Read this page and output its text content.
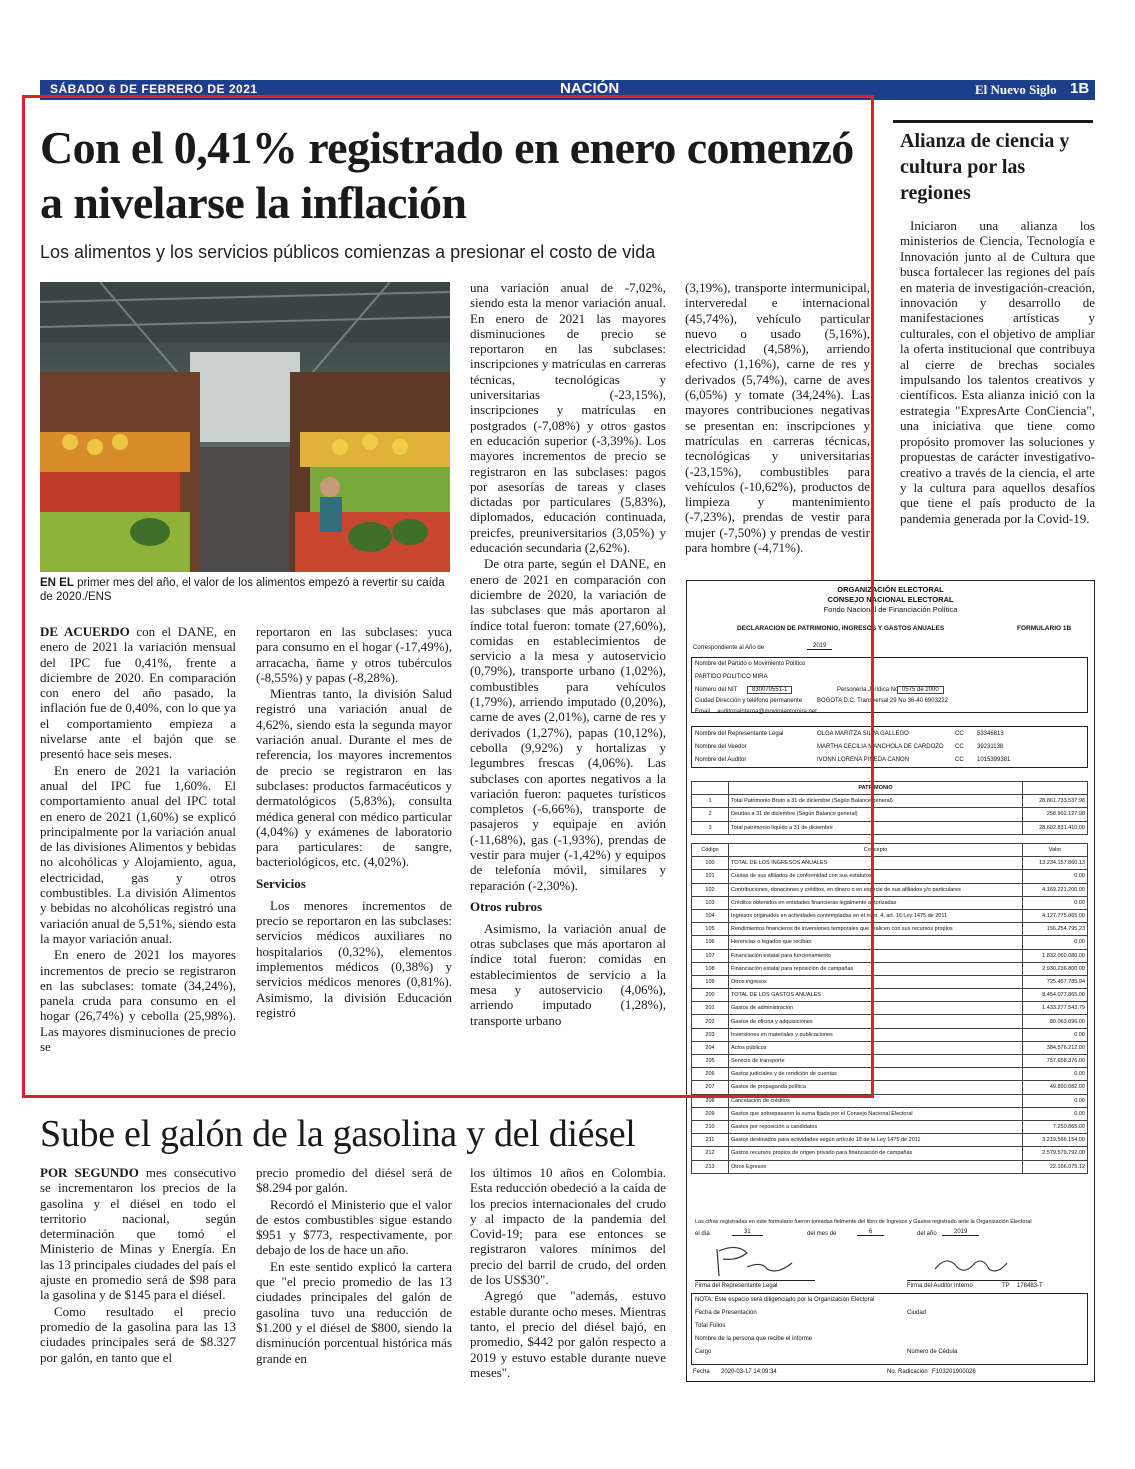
SÁBADO 6 DE FEBRERO DE 2021	NACIÓN	El Nuevo Siglo 1B
Con el 0,41% registrado en enero comenzó a nivelarse la inflación

Los alimentos y los servicios públicos comienzas a presionar el costo de vida

EN EL primer mes del año, el valor de los alimentos empezó a revertir su caída de 2020./ENS

DE ACUERDO con el DANE, en enero de 2021 la variación mensual del IPC fue 0,41%, frente a diciembre de 2020. En comparación con enero del año pasado, la inflación fue de 0,40%, con lo que ya el comportamiento empieza a nivelarse ante el bajón que se presentó hace seis meses.

En enero de 2021 la variación anual del IPC fue 1,60%. El comportamiento anual del IPC total en enero de 2021 (1,60%) se explicó principalmente por la variación anual de las divisiones Alimentos y bebidas no alcohólicas y Alojamiento, agua, electricidad, gas y otros combustibles. La división Alimentos y bebidas no alcohólicas registró una variación anual de 5,51%, siendo esta la mayor variación anual.

En enero de 2021 los mayores incrementos de precio se registraron en las subclases: tomate (34,24%), panela cruda para consumo en el hogar (26,74%) y cebolla (25,98%). Las mayores disminuciones de precio se

reportaron en las subclases: yuca para consumo en el hogar (-17,49%), arracacha, ñame y otros tubérculos (-8,55%) y papas (-8,28%).

Mientras tanto, la división Salud registró una variación anual de 4,62%, siendo esta la segunda mayor variación anual. Durante el mes de referencia, los mayores incrementos de precio se registraron en las subclases: productos farmacéuticos y dermatológicos (5,83%), consulta médica general con médico particular (4,04%) y exámenes de laboratorio para particulares: de sangre, bacteriológicos, etc. (4,02%).

Servicios

Los menores incrementos de precio se reportaron en las subclases: servicios médicos auxiliares no hospitalarios (0,32%), elementos implementos médicos (0,38%) y servicios médicos menores (0,81%). Asimismo, la división Educación registró

una variación anual de -7,02%, siendo esta la menor variación anual. En enero de 2021 las mayores disminuciones de precio se reportaron en las subclases: inscripciones y matrículas en carreras técnicas, tecnológicas y universitarias (-23,15%), inscripciones y matrículas en postgrados (-7,08%) y otros gastos en educación superior (-3,39%). Los mayores incrementos de precio se registraron en las subclases: pagos por asesorías de tareas y clases dictadas por particulares (5,83%), diplomados, educación continuada, preicfes, preuniversitarios (3,05%) y educación secundaria (2,62%).

De otra parte, según el DANE, en enero de 2021 en comparación con diciembre de 2020, la variación de las subclases que más aportaron al índice total fueron: tomate (27,60%), comidas en establecimientos de servicio a la mesa y autoservicio (0,79%), transporte urbano (1,02%), combustibles para vehículos (1,79%), arriendo imputado (0,20%), carne de aves (2,01%), carne de res y derivados (1,27%), papas (10,12%), cebolla (9,92%) y hortalizas y legumbres frescas (4,06%). Las subclases con aportes negativos a la variación fueron: paquetes turísticos completos (-6,66%), transporte de pasajeros y equipaje en avión (-11,68%), gas (-1,93%), prendas de vestir para mujer (-1,42%) y equipos de telefonía móvil, similares y reparación (-2,30%).

Otros rubros

Asimismo, la variación anual de otras subclases que más aportaron al índice total fueron: comidas en establecimientos de servicio a la mesa y autoservicio (4,06%), arriendo imputado (1,28%), transporte urbano

(3,19%), transporte intermunicipal, interveredal e internacional (45,74%), vehículo particular nuevo o usado (5,16%), electricidad (4,58%), arriendo efectivo (1,16%), carne de res y derivados (5,74%), carne de aves (6,05%) y tomate (34,24%). Las mayores contribuciones negativas se presentan en: inscripciones y matrículas en carreras técnicas, tecnológicas y universitarias (-23,15%), combustibles para vehículos (-10,62%), productos de limpieza y mantenimiento (-7,23%), prendas de vestir para mujer (-7,50%) y prendas de vestir para hombre (-4,71%).

Alianza de ciencia y cultura por las regiones

Iniciaron una alianza los ministerios de Ciencia, Tecnología e Innovación junto al de Cultura que busca fortalecer las regiones del país en materia de investigación-creación, innovación y desarrollo de manifestaciones artísticas y culturales, con el objetivo de ampliar la oferta institucional que contribuya al cierre de brechas sociales impulsando los talentos creativos y científicos. Esta alianza inició con la estrategia "ExpresArte ConCiencia", una iniciativa que tiene como propósito promover las soluciones y propuestas de carácter investigativo- creativo a través de la ciencia, el arte y la cultura para aquellos desafíos que tiene el país producto de la pandemia generada por la Covid-19.

ORGANIZACIÓN ELECTORAL
CONSEJO NACIONAL ELECTORAL
Fondo Nacional de Financiación Política
DECLARACION DE PATRIMONIO, INGRESOS Y GASTOS ANUALES	FORMULARIO 1B
Correspondiente al Año de	2019
Nombre del Partido o Movimiento Político
PARTIDO POLITICO MIRA
Número del NIT	830070551-1	Personería Jurídica No 0575 de 2000
Ciudad Dirección y teléfono permanente BOGOTA D.C. Transversal 29 No 36-40 6903222
Email auditoriainterna@movimientomira.net
Nombre del Representante Legal	OLGA MARITZA SILVA GALLEGO	CC 53346813
Nombre del Veedor	MARTHA CECILIA MANCHOLA DE CARDOZO CC 39231138
Nombre del Auditor	IVONN LORENA PINEDA CANON	CC 1015399381
	PATRIMONIO	
1	Total Patrimonio Bruto a 31 de diciembre (Según Balance general)	28.861.733.537.98
2	Deudas a 31 de diciembre (Según Balance general)	258.902.127.98
3	Total patrimonio líquido a 31 de diciembre	28.602.831.410.00
Código	Concepto	Valor
100	TOTAL DE LOS INGRESOS ANUALES	13.234.157.860.13
101	Cuotas de sus afiliados de conformidad con sus estatutos	0.00
102	Contribuciones, donaciones y créditos, en dinero o en especie de sus afiliados y/o particulares	4.169.221.200.00
103	Créditos obtenidos en entidades financieras legalmente autorizadas	0.00
104	Ingresos originados en actividades contempladas en el num. 4, art. 16 Ley 1475 de 2011	4.127.775.065.00
105	Rendimientos financieros de inversiones temporales que realicen con sus recursos propios	156.254.795.23
106	Herencias o legados que reciban	0.00
107	Financiación estatal para funcionamiento	1.832.060.080.00
108	Financiación estatal para reposición de campañas	2.930.236.800.00
109	Otros ingresos	725.457.785.94
200	TOTAL DE LOS GASTOS ANUALES	8.454.077.865.00
201	Gastos de administración	1.433.277.543.79
202	Gastos de oficina y adquisiciones	80.063.096.00
203	Inversiones en materiales y publicaciones	0.00
204	Actos públicos	384.576.212.00
205	Servicio de transporte	757.658.376.00
206	Gastos judiciales y de rendición de cuentas	0.00
207	Gastos de propaganda política	49.890.082.00
208	Cancelación de créditos	0.00
209	Gastos que sobrepasaron la suma fijada por el Consejo Nacional Electoral	0.00
210	Gastos por reposición a candidatos	7.250.865.00
211	Gastos destinados para actividades según artículo 18 de la Ley 1475 de 2011	3.219.566.154.00
212	Gastos recursos propios de origen privado para financiación de campañas	2.579.579.792.00
213	Otros Egresos	22.166.075.12
Las cifras registradas en este formulario fueron tomadas fielmente del libro de Ingresos y Gastos registrado ante la Organización Electoral
el día	31	del mes de	6	del año	2019
Firma del Representante Legal	Firma del Auditor Interno	TP 178483-T
NOTA: Este espacio será diligenciado por la Organización Electoral
Fecha de Presentación	Ciudad
Total Folios
Nombre de la persona que recibe el informe
Cargo	Número de Cédula
Fecha 2020-03-17 14:09:34	No. Radicación F103201900026
Sube el galón de la gasolina y del diésel

POR SEGUNDO mes consecutivo se incrementaron los precios de la gasolina y el diésel en todo el territorio nacional, según determinación que tomó el Ministerio de Minas y Energía. En las 13 principales ciudades del país el ajuste en promedio será de $98 para la gasolina y de $145 para el diésel.

Como resultado el precio promedio de la gasolina para las 13 ciudades principales será de $8.327 por galón, en tanto que el

precio promedio del diésel será de $8.294 por galón.

Recordó el Ministerio que el valor de estos combustibles sigue estando $951 y $773, respectivamente, por debajo de los de hace un año.

En este sentido explicó la cartera que "el precio promedio de las 13 ciudades principales del galón de gasolina tuvo una reducción de $1.200 y el diésel de $800, siendo la disminución porcentual histórica más grande en

los últimos 10 años en Colombia. Esta reducción obedeció a la caída de los precios internacionales del crudo y al impacto de la pandemia del Covid-19; para ese entonces se registraron valores mínimos del precio del barril de crudo, del orden de los US$30".

Agregó que "además, estuvo estable durante ocho meses. Mientras tanto, el precio del diésel bajó, en promedio, $442 por galón respecto a 2019 y estuvo estable durante nueve meses".
